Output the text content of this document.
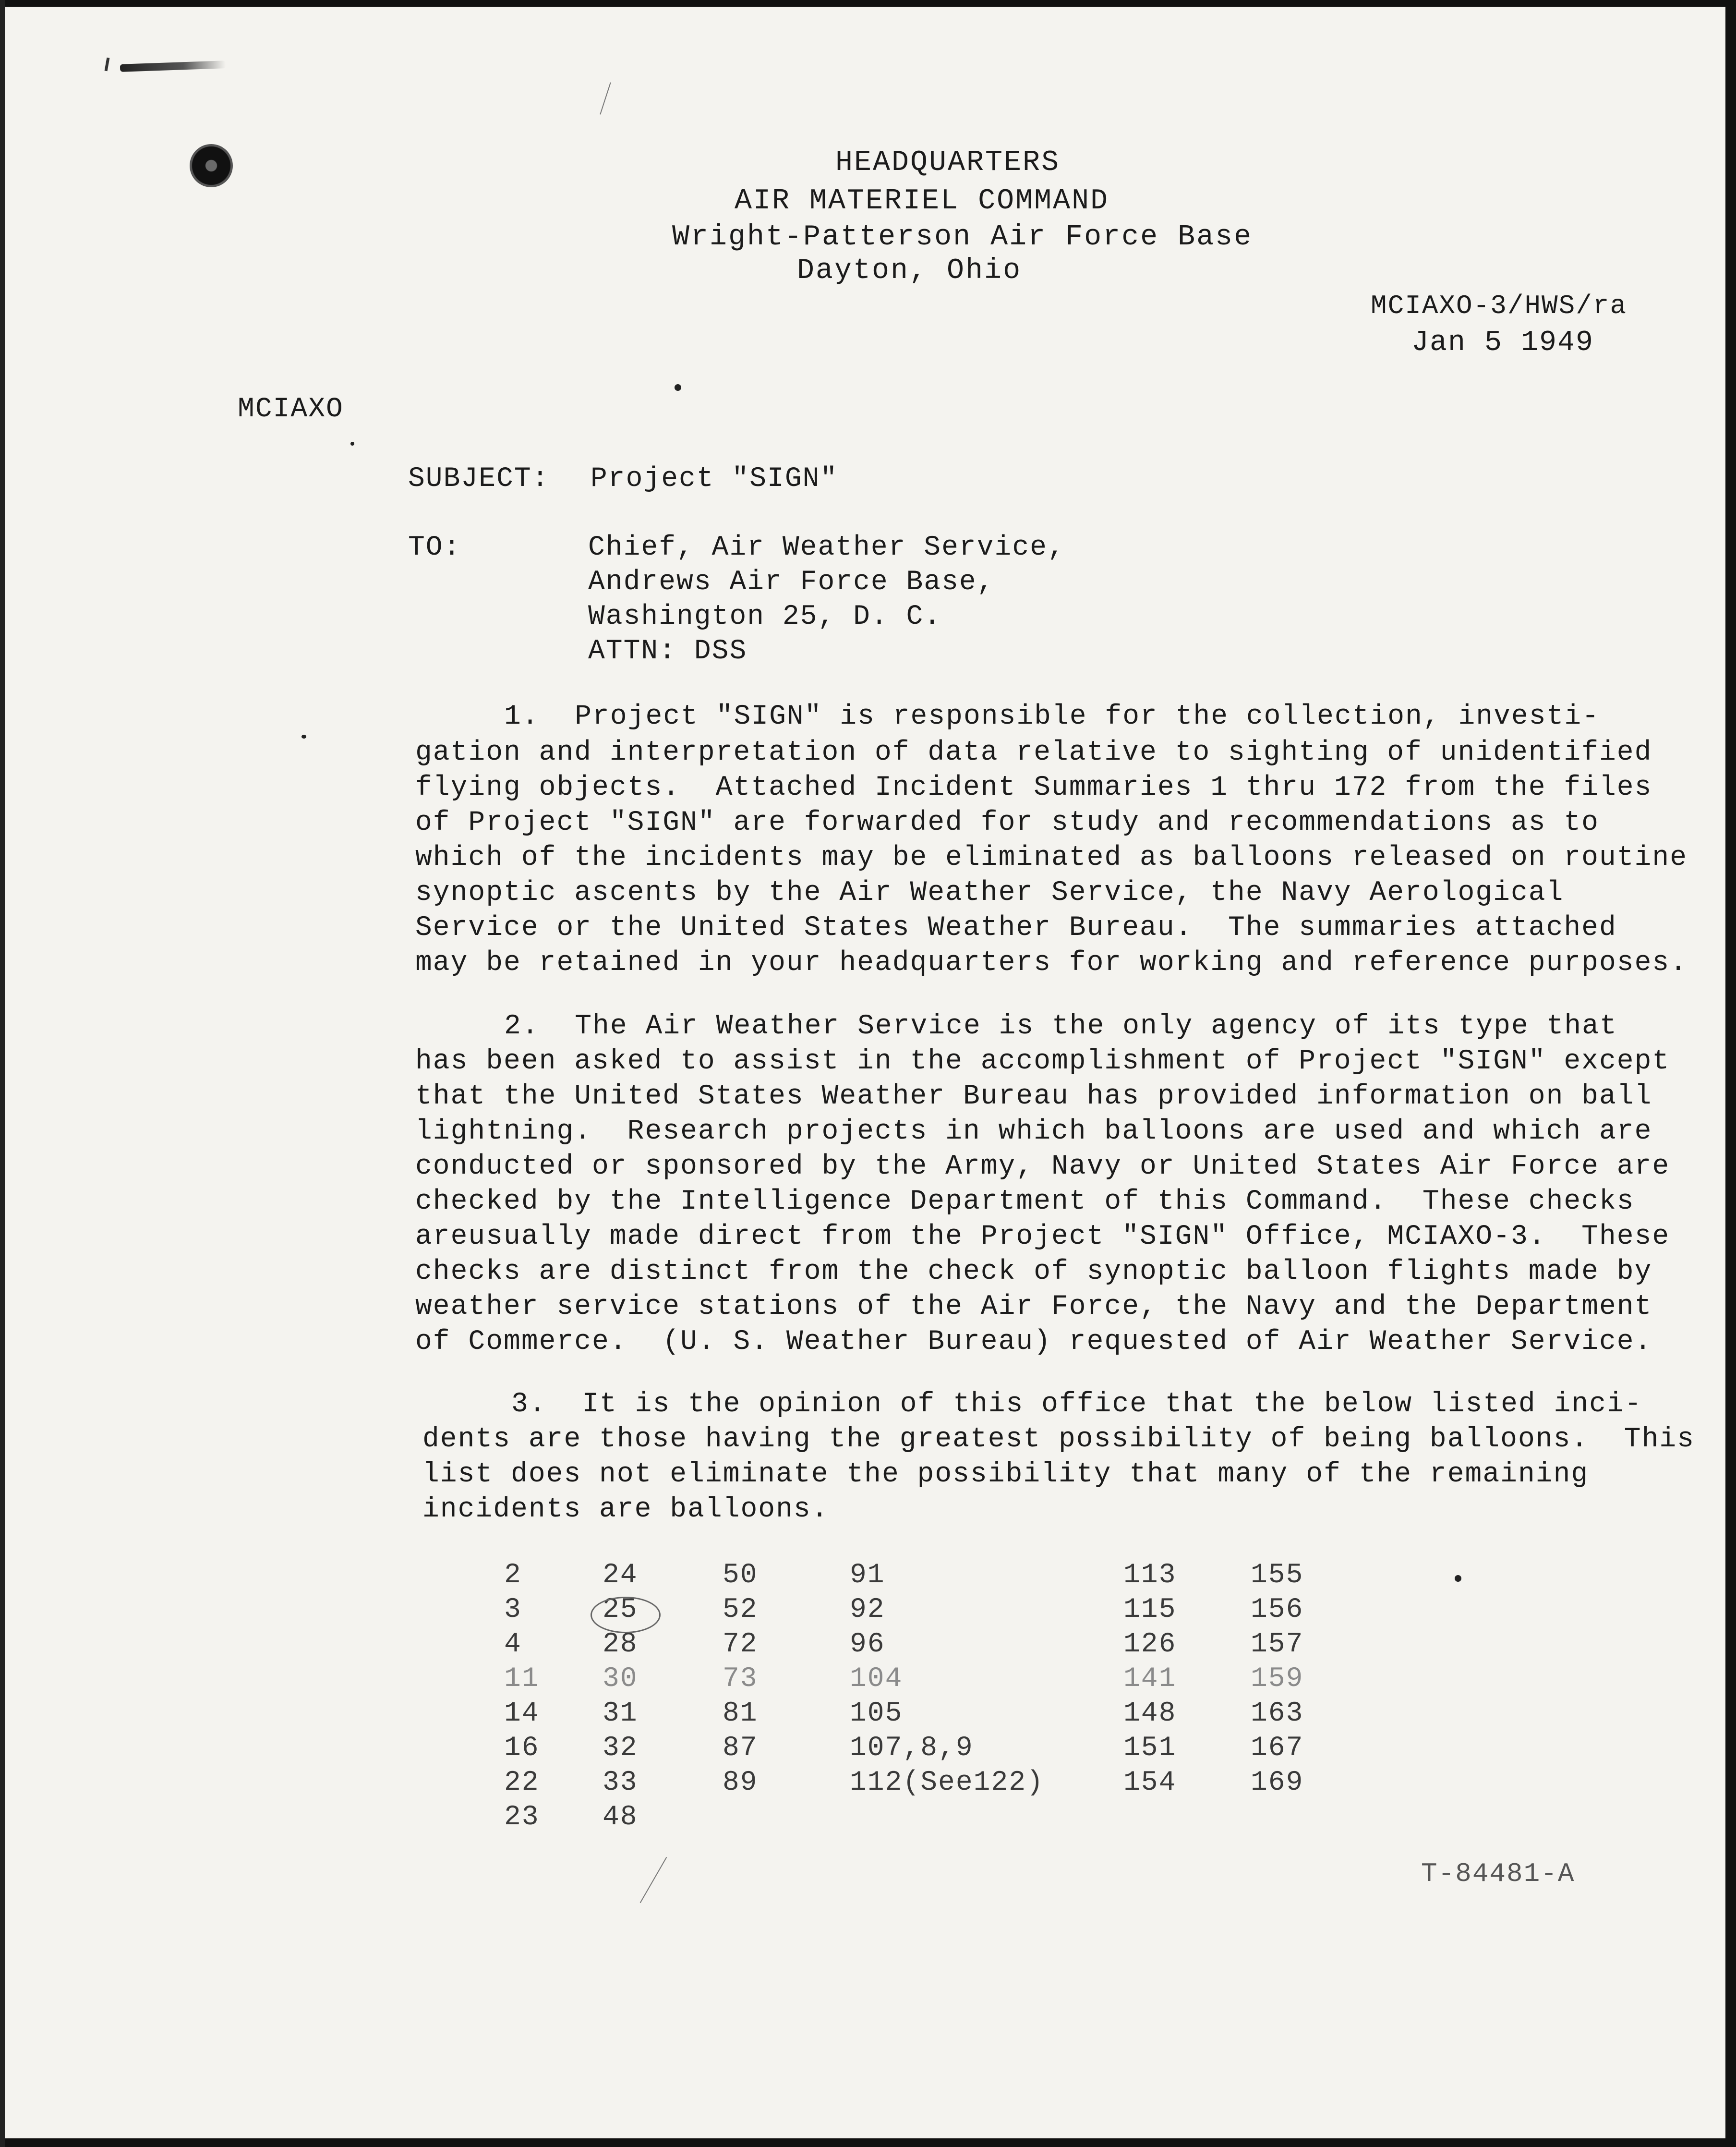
HEADQUARTERS
AIR MATERIEL COMMAND
Wright-Patterson Air Force Base
Dayton, Ohio
MCIAXO-3/HWS/ra
Jan 5 1949
MCIAXO
SUBJECT: Project "SIGN"
TO:	Chief, Air Weather Service,
Andrews Air Force Base,
Washington 25, D. C.
ATTN: DSS
1.  Project "SIGN" is responsible for the collection, investi-
gation and interpretation of data relative to sighting of unidentified
flying objects.  Attached Incident Summaries 1 thru 172 from the files
of Project "SIGN" are forwarded for study and recommendations as to
which of the incidents may be eliminated as balloons released on routine
synoptic ascents by the Air Weather Service, the Navy Aerological
Service or the United States Weather Bureau.  The summaries attached
may be retained in your headquarters for working and reference purposes.
2.  The Air Weather Service is the only agency of its type that
has been asked to assist in the accomplishment of Project "SIGN" except
that the United States Weather Bureau has provided information on ball
lightning.  Research projects in which balloons are used and which are
conducted or sponsored by the Army, Navy or United States Air Force are
checked by the Intelligence Department of this Command.  These checks
areusually made direct from the Project "SIGN" Office, MCIAXO-3.  These
checks are distinct from the check of synoptic balloon flights made by
weather service stations of the Air Force, the Navy and the Department
of Commerce.  (U. S. Weather Bureau) requested of Air Weather Service.
3.  It is the opinion of this office that the below listed inci-
dents are those having the greatest possibility of being balloons.  This
list does not eliminate the possibility that many of the remaining
incidents are balloons.
2
3
4
11
14
16
22
23
24
25
28
30
31
32
33
48
50
52
72
73
81
87
89
91
92
96
104
105
107,8,9
112(See122)
113
115
126
141
148
151
154
155
156
157
159
163
167
169
T-84481-A
